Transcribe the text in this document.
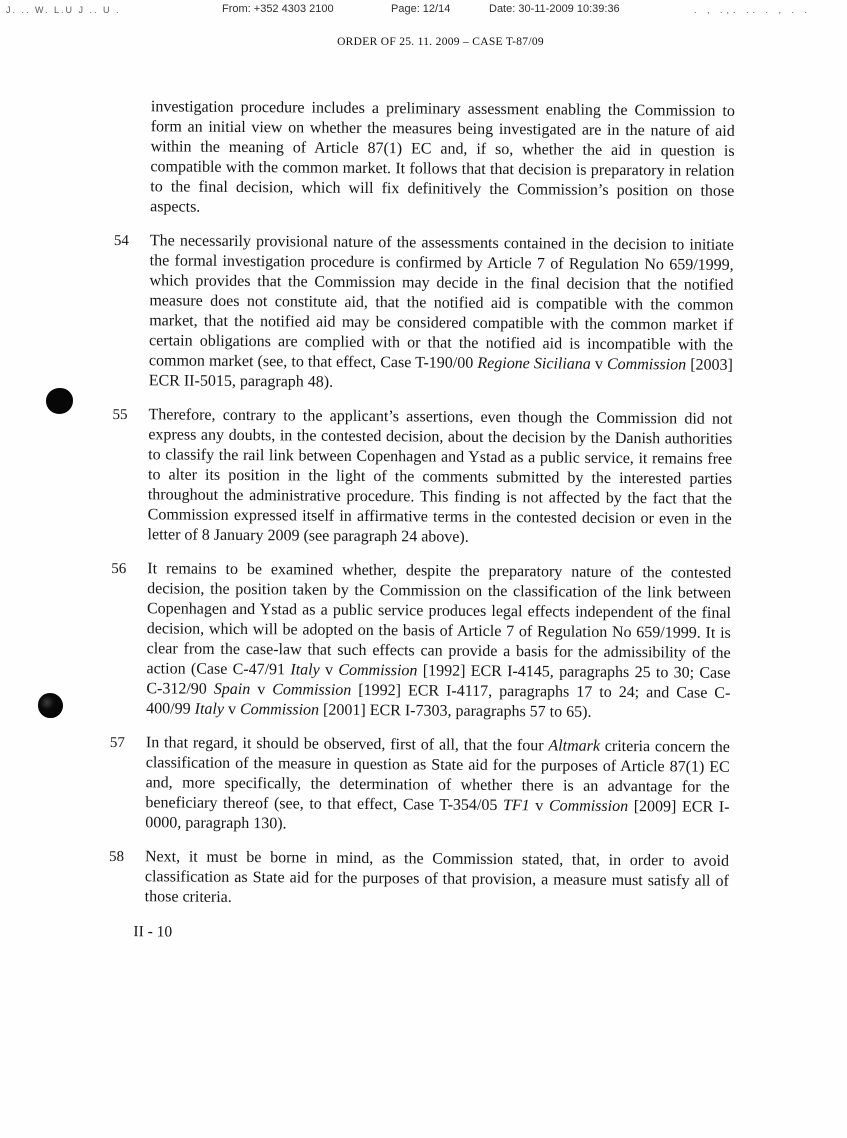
J. .. W. L.U J .. U .	From: +352 4303 2100	Page: 12/14	Date: 30-11-2009 10:39:36	. , .,. .. . , . .
ORDER OF 25. 11. 2009 – CASE T-87/09
investigation procedure includes a preliminary assessment enabling the Commission to form an initial view on whether the measures being investigated are in the nature of aid within the meaning of Article 87(1) EC and, if so, whether the aid in question is compatible with the common market. It follows that that decision is preparatory in relation to the final decision, which will fix definitively the Commission’s position on those aspects.
54	The necessarily provisional nature of the assessments contained in the decision to initiate the formal investigation procedure is confirmed by Article 7 of Regulation No 659/1999, which provides that the Commission may decide in the final decision that the notified measure does not constitute aid, that the notified aid is compatible with the common market, that the notified aid may be considered compatible with the common market if certain obligations are complied with or that the notified aid is incompatible with the common market (see, to that effect, Case T-190/00 Regione Siciliana v Commission [2003] ECR II-5015, paragraph 48).
55	Therefore, contrary to the applicant’s assertions, even though the Commission did not express any doubts, in the contested decision, about the decision by the Danish authorities to classify the rail link between Copenhagen and Ystad as a public service, it remains free to alter its position in the light of the comments submitted by the interested parties throughout the administrative procedure. This finding is not affected by the fact that the Commission expressed itself in affirmative terms in the contested decision or even in the letter of 8 January 2009 (see paragraph 24 above).
56	It remains to be examined whether, despite the preparatory nature of the contested decision, the position taken by the Commission on the classification of the link between Copenhagen and Ystad as a public service produces legal effects independent of the final decision, which will be adopted on the basis of Article 7 of Regulation No 659/1999. It is clear from the case-law that such effects can provide a basis for the admissibility of the action (Case C-47/91 Italy v Commission [1992] ECR I-4145, paragraphs 25 to 30; Case C-312/90 Spain v Commission [1992] ECR I-4117, paragraphs 17 to 24; and Case C-400/99 Italy v Commission [2001] ECR I-7303, paragraphs 57 to 65).
57	In that regard, it should be observed, first of all, that the four Altmark criteria concern the classification of the measure in question as State aid for the purposes of Article 87(1) EC and, more specifically, the determination of whether there is an advantage for the beneficiary thereof (see, to that effect, Case T-354/05 TF1 v Commission [2009] ECR I-0000, paragraph 130).
58	Next, it must be borne in mind, as the Commission stated, that, in order to avoid classification as State aid for the purposes of that provision, a measure must satisfy all of those criteria.
II - 10
